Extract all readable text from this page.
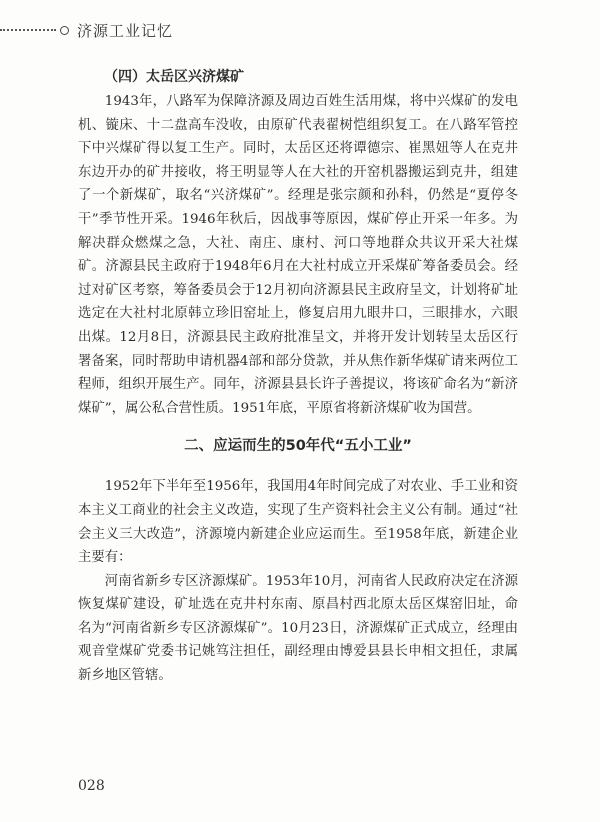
济源工业记忆
（四）太岳区兴济煤矿

1943年，八路军为保障济源及周边百姓生活用煤，将中兴煤矿的发电机、镟床、十二盘高车没收，由原矿代表翟树恺组织复工。在八路军管控下中兴煤矿得以复工生产。同时，太岳区还将谭德宗、崔黑妞等人在克井东边开办的矿井接收，将王明显等人在大社的开窑机器搬运到克井，组建了一个新煤矿，取名“兴济煤矿”。经理是张宗颜和孙科，仍然是“夏停冬干”季节性开采。1946年秋后，因战事等原因，煤矿停止开采一年多。为解决群众燃煤之急，大社、南庄、康村、河口等地群众共议开采大社煤矿。济源县民主政府于1948年6月在大社村成立开采煤矿筹备委员会。经过对矿区考察，筹备委员会于12月初向济源县民主政府呈文，计划将矿址选定在大社村北原韩立珍旧窑址上，修复启用九眼井口，三眼排水，六眼出煤。12月8日，济源县民主政府批准呈文，并将开发计划转呈太岳区行署备案，同时帮助申请机器4部和部分贷款，并从焦作新华煤矿请来两位工程师，组织开展生产。同年，济源县县长许子善提议，将该矿命名为“新济煤矿”，属公私合营性质。1951年底，平原省将新济煤矿收为国营。

二、应运而生的50年代“五小工业”

1952年下半年至1956年，我国用4年时间完成了对农业、手工业和资本主义工商业的社会主义改造，实现了生产资料社会主义公有制。通过“社会主义三大改造”，济源境内新建企业应运而生。至1958年底，新建企业主要有：

河南省新乡专区济源煤矿。1953年10月，河南省人民政府决定在济源恢复煤矿建设，矿址选在克井村东南、原昌村西北原太岳区煤窑旧址，命名为“河南省新乡专区济源煤矿”。10月23日，济源煤矿正式成立，经理由观音堂煤矿党委书记姚笃注担任，副经理由博爱县县长申相文担任，隶属新乡地区管辖。

028
